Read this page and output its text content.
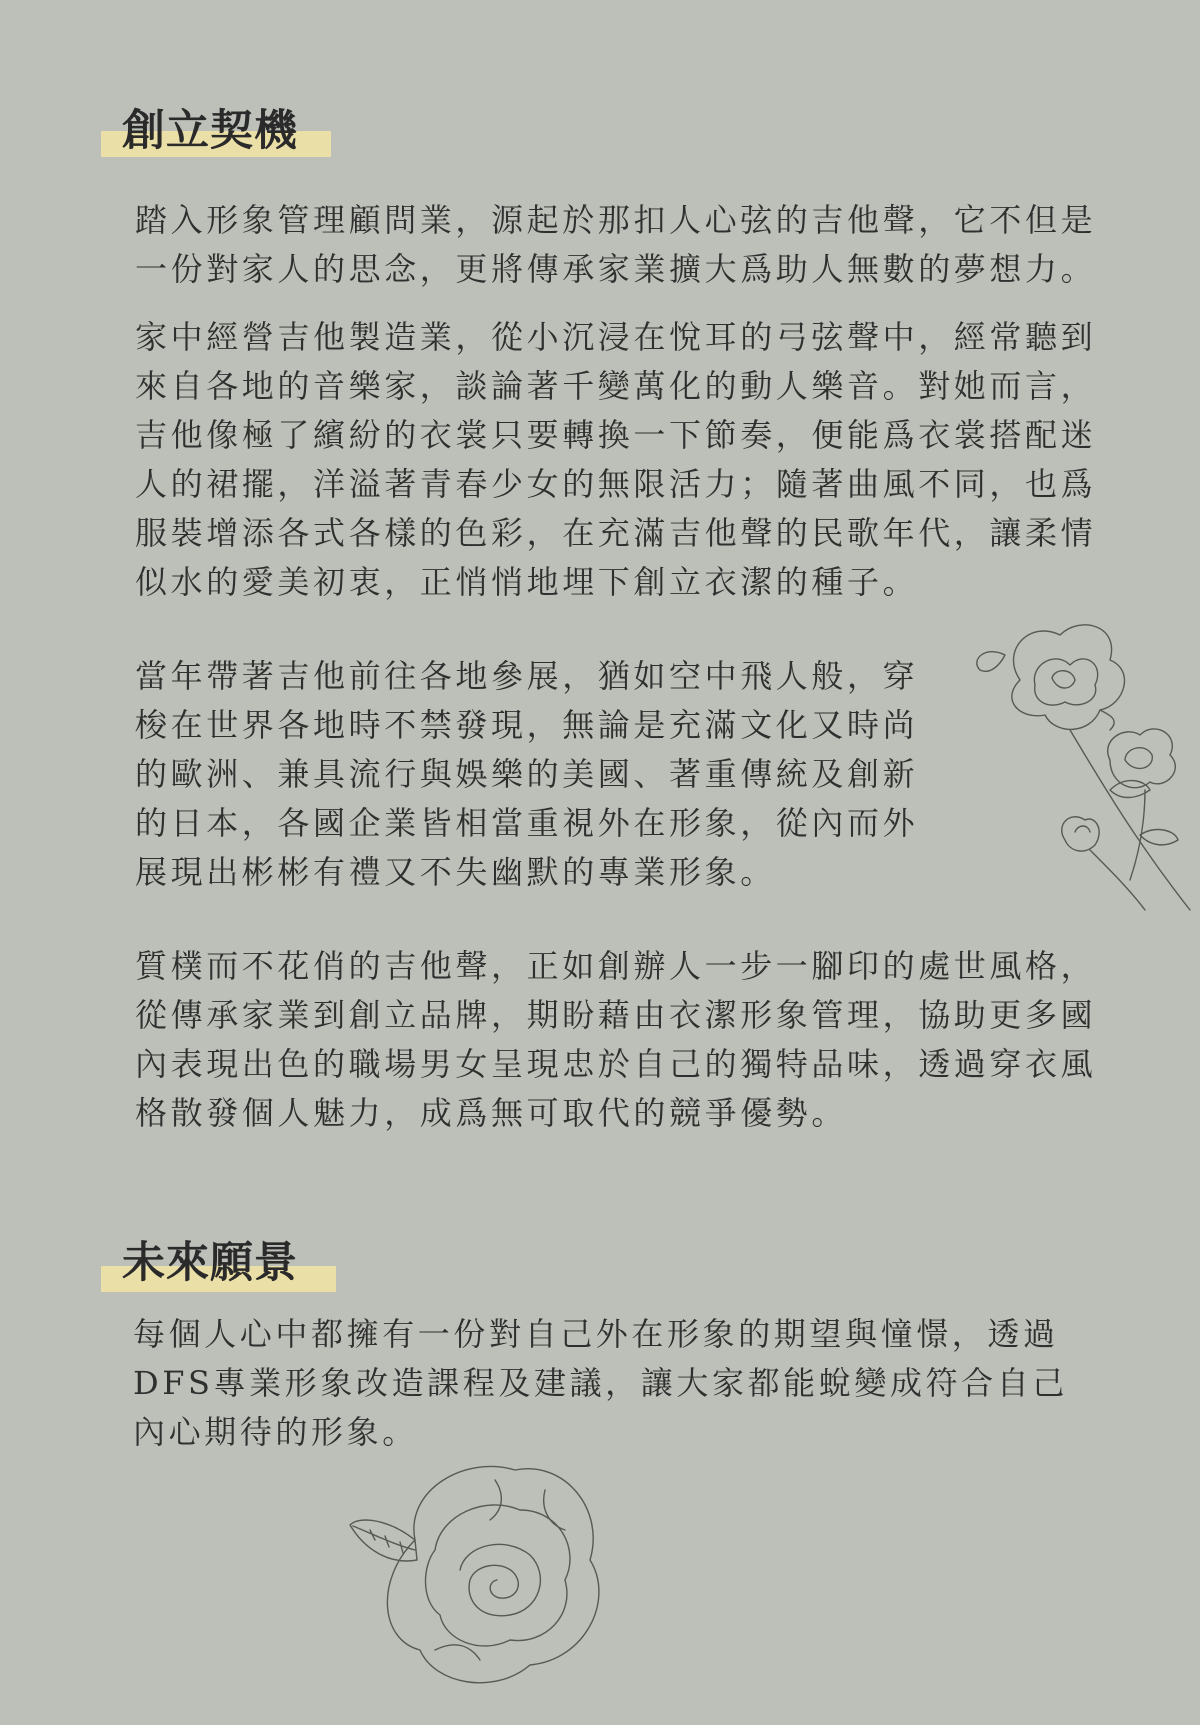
創立契機

踏入形象管理顧問業，源起於那扣人心弦的吉他聲，它不但是一份對家人的思念，更將傳承家業擴大爲助人無數的夢想力。

家中經營吉他製造業，從小沉浸在悅耳的弓弦聲中，經常聽到來自各地的音樂家，談論著千變萬化的動人樂音。對她而言，吉他像極了繽紛的衣裳只要轉換一下節奏，便能爲衣裳搭配迷人的裙擺，洋溢著青春少女的無限活力；隨著曲風不同，也爲服裝增添各式各樣的色彩，在充滿吉他聲的民歌年代，讓柔情似水的愛美初衷，正悄悄地埋下創立衣潔的種子。

當年帶著吉他前往各地參展，猶如空中飛人般，穿梭在世界各地時不禁發現，無論是充滿文化又時尚的歐洲、兼具流行與娛樂的美國、著重傳統及創新的日本，各國企業皆相當重視外在形象，從內而外展現出彬彬有禮又不失幽默的專業形象。

質樸而不花俏的吉他聲，正如創辦人一步一腳印的處世風格，從傳承家業到創立品牌，期盼藉由衣潔形象管理，協助更多國內表現出色的職場男女呈現忠於自己的獨特品味，透過穿衣風格散發個人魅力，成爲無可取代的競爭優勢。

未來願景

每個人心中都擁有一份對自己外在形象的期望與憧憬，透過DFS專業形象改造課程及建議，讓大家都能蛻變成符合自己內心期待的形象。
